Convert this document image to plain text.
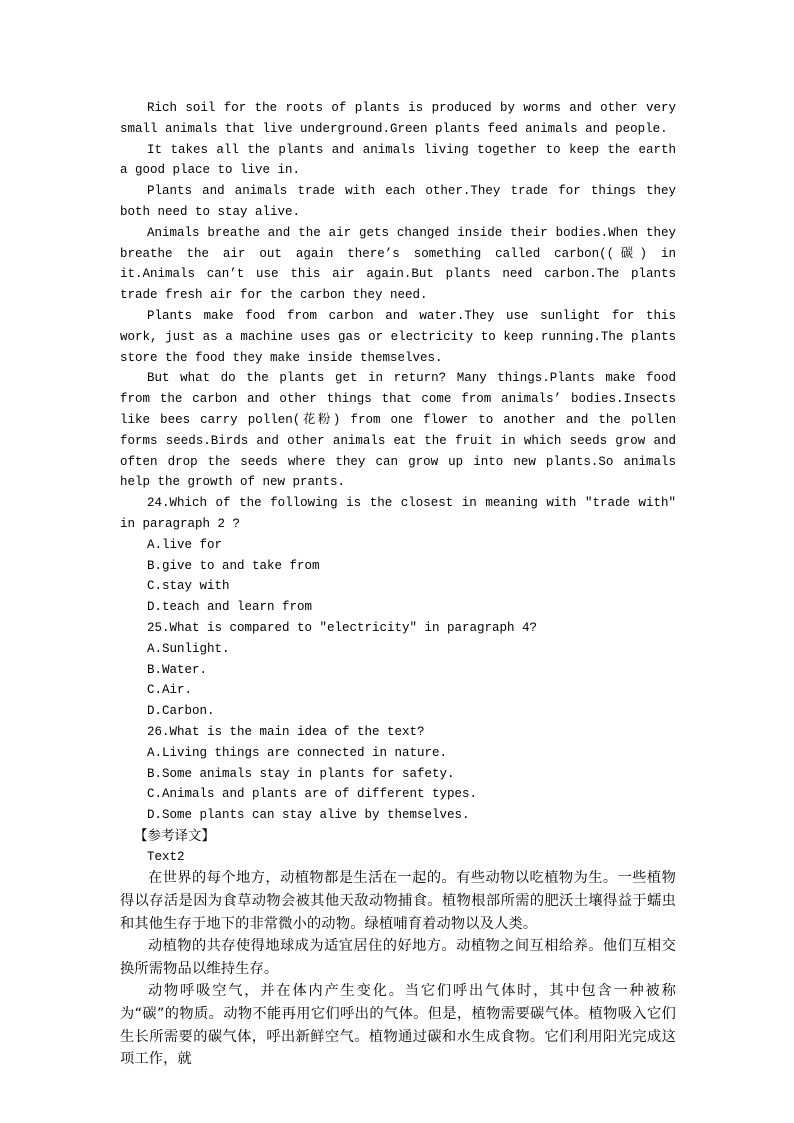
Rich soil for the roots of plants is produced by worms and other very small animals that live underground.Green plants feed animals and people.

It takes all the plants and animals living together to keep the earth a good place to live in.

Plants and animals trade with each other.They trade for things they both need to stay alive.

Animals breathe and the air gets changed inside their bodies.When they breathe the air out again there’s something called carbon((碳) in it.Animals can’t use this air again.But plants need carbon.The plants trade fresh air for the carbon they need.

Plants make food from carbon and water.They use sunlight for this work, just as a machine uses gas or electricity to keep running.The plants store the food they make inside themselves.

But what do the plants get in return? Many things.Plants make food from the carbon and other things that come from animals’ bodies.Insects like bees carry pollen(花粉) from one flower to another and the pollen forms seeds.Birds and other animals eat the fruit in which seeds grow and often drop the seeds where they can grow up into new plants.So animals help the growth of new prants.

24.Which of the following is the closest in meaning with "trade with" in paragraph 2 ?

A.live for

B.give to and take from

C.stay with

D.teach and learn from

25.What is compared to "electricity" in paragraph 4?

A.Sunlight.

B.Water.

C.Air.

D.Carbon.

26.What is the main idea of the text?

A.Living things are connected in nature.

B.Some animals stay in plants for safety.

C.Animals and plants are of different types.

D.Some plants can stay alive by themselves.

【参考译文】

Text2

在世界的每个地方，动植物都是生活在一起的。有些动物以吃植物为生。一些植物得以存活是因为食草动物会被其他天敌动物捕食。植物根部所需的肥沃土壤得益于蠕虫和其他生存于地下的非常微小的动物。绿植哺育着动物以及人类。

动植物的共存使得地球成为适宜居住的好地方。动植物之间互相给养。他们互相交换所需物品以维持生存。

动物呼吸空气，并在体内产生变化。当它们呼出气体时，其中包含一种被称为“碳”的物质。动物不能再用它们呼出的气体。但是，植物需要碳气体。植物吸入它们生长所需要的碳气体，呼出新鲜空气。植物通过碳和水生成食物。它们利用阳光完成这项工作，就
